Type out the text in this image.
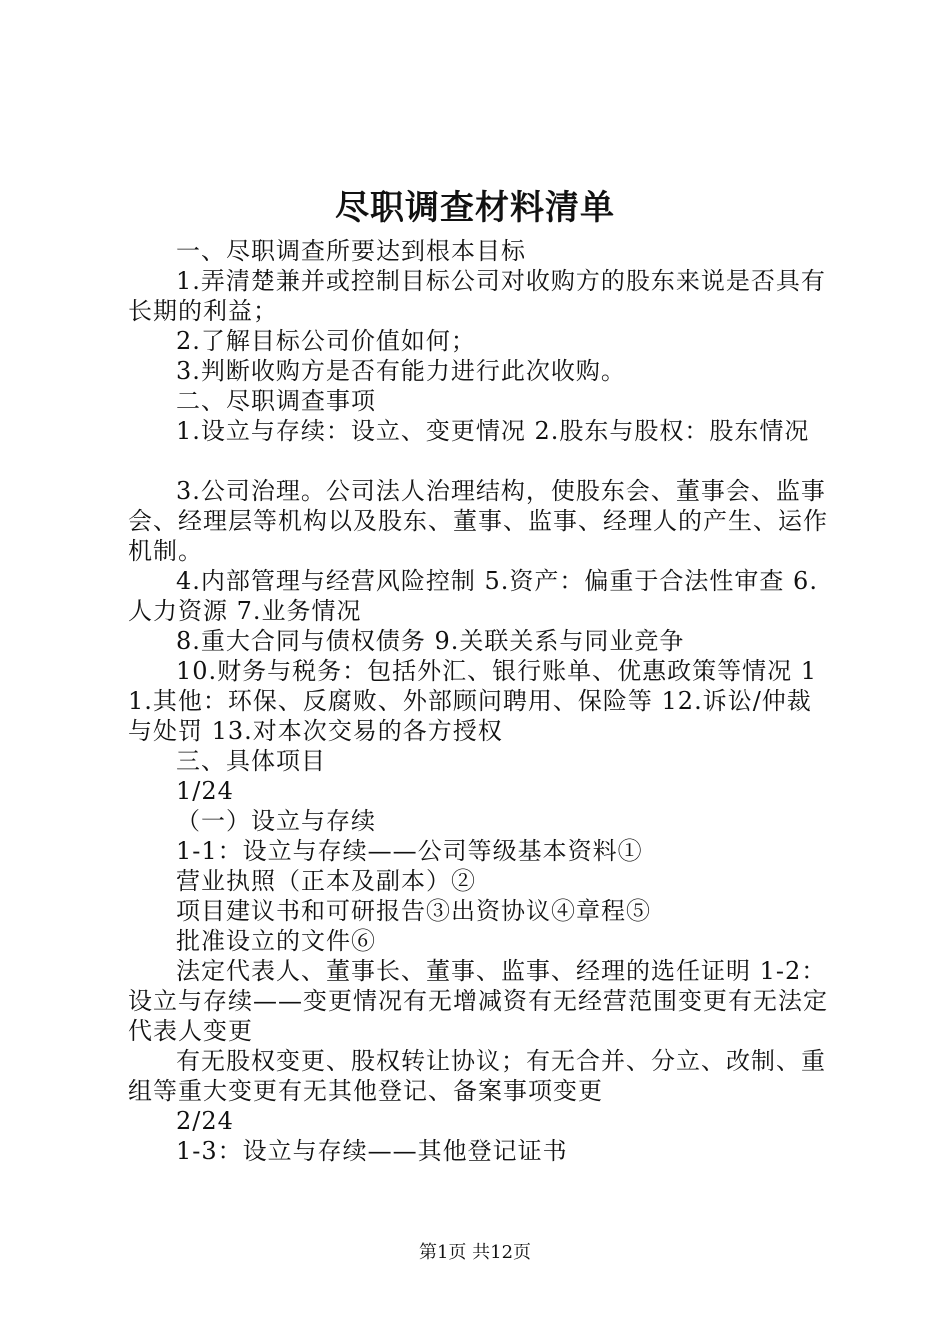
尽职调查材料清单

一、尽职调查所要达到根本目标

1.弄清楚兼并或控制目标公司对收购方的股东来说是否具有长期的利益；

2.了解目标公司价值如何；

3.判断收购方是否有能力进行此次收购。

二、尽职调查事项

1.设立与存续：设立、变更情况 2.股东与股权：股东情况

3.公司治理。公司法人治理结构，使股东会、董事会、监事会、经理层等机构以及股东、董事、监事、经理人的产生、运作机制。

4.内部管理与经营风险控制 5.资产：偏重于合法性审查 6.人力资源 7.业务情况

8.重大合同与债权债务 9.关联关系与同业竞争

10.财务与税务：包括外汇、银行账单、优惠政策等情况 11.其他：环保、反腐败、外部顾问聘用、保险等 12.诉讼/仲裁与处罚 13.对本次交易的各方授权

三、具体项目

1/24

（一）设立与存续

1-1：设立与存续——公司等级基本资料①

营业执照（正本及副本）②

项目建议书和可研报告③出资协议④章程⑤

批准设立的文件⑥

法定代表人、董事长、董事、监事、经理的选任证明 1-2：设立与存续——变更情况有无增减资有无经营范围变更有无法定代表人变更

有无股权变更、股权转让协议；有无合并、分立、改制、重组等重大变更有无其他登记、备案事项变更

2/24

1-3：设立与存续——其他登记证书

第1页 共12页
